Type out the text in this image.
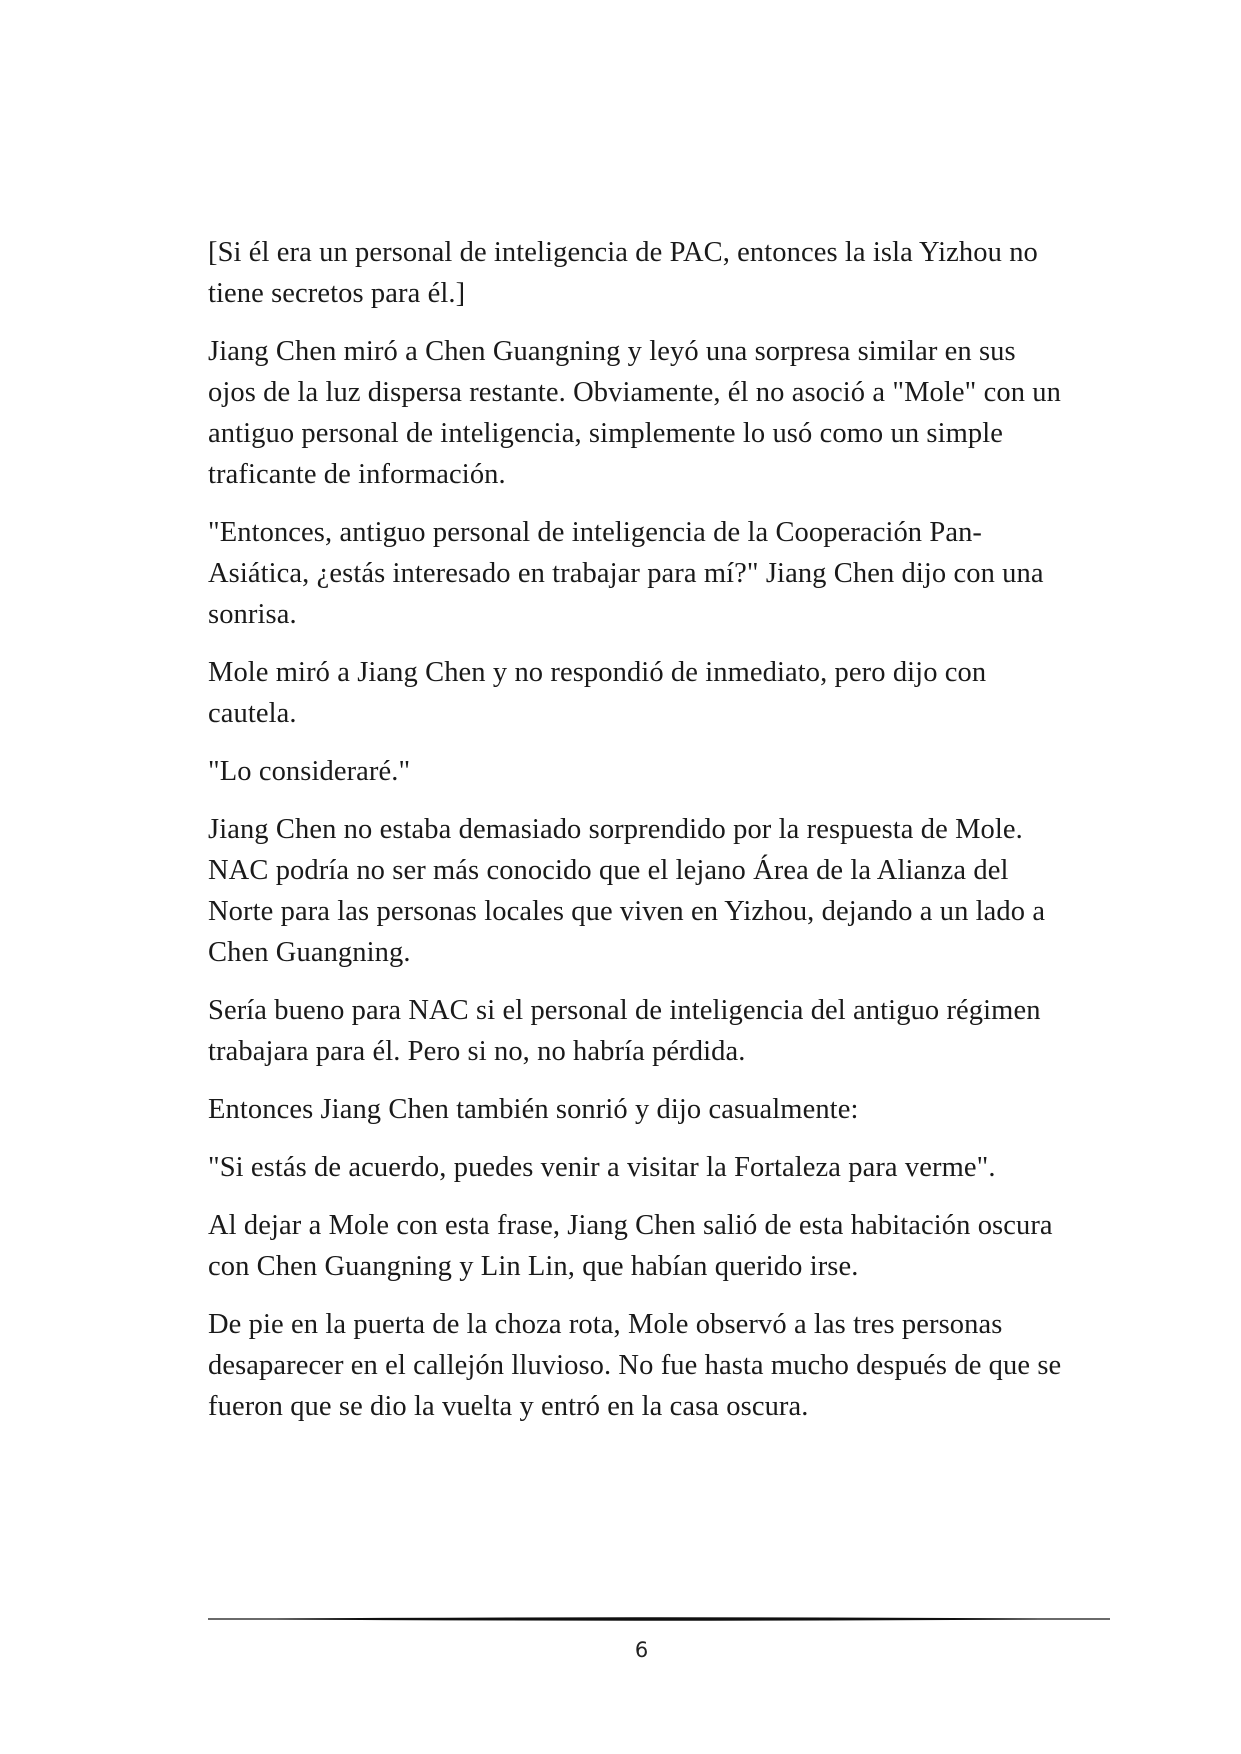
[Si él era un personal de inteligencia de PAC, entonces la isla Yizhou no tiene secretos para él.]

Jiang Chen miró a Chen Guangning y leyó una sorpresa similar en sus ojos de la luz dispersa restante. Obviamente, él no asoció a "Mole" con un antiguo personal de inteligencia, simplemente lo usó como un simple traficante de información.

"Entonces, antiguo personal de inteligencia de la Cooperación Pan-Asiática, ¿estás interesado en trabajar para mí?" Jiang Chen dijo con una sonrisa.

Mole miró a Jiang Chen y no respondió de inmediato, pero dijo con cautela.

"Lo consideraré."

Jiang Chen no estaba demasiado sorprendido por la respuesta de Mole. NAC podría no ser más conocido que el lejano Área de la Alianza del Norte para las personas locales que viven en Yizhou, dejando a un lado a Chen Guangning.

Sería bueno para NAC si el personal de inteligencia del antiguo régimen trabajara para él. Pero si no, no habría pérdida.

Entonces Jiang Chen también sonrió y dijo casualmente:

"Si estás de acuerdo, puedes venir a visitar la Fortaleza para verme".

Al dejar a Mole con esta frase, Jiang Chen salió de esta habitación oscura con Chen Guangning y Lin Lin, que habían querido irse.

De pie en la puerta de la choza rota, Mole observó a las tres personas desaparecer en el callejón lluvioso. No fue hasta mucho después de que se fueron que se dio la vuelta y entró en la casa oscura.

6
